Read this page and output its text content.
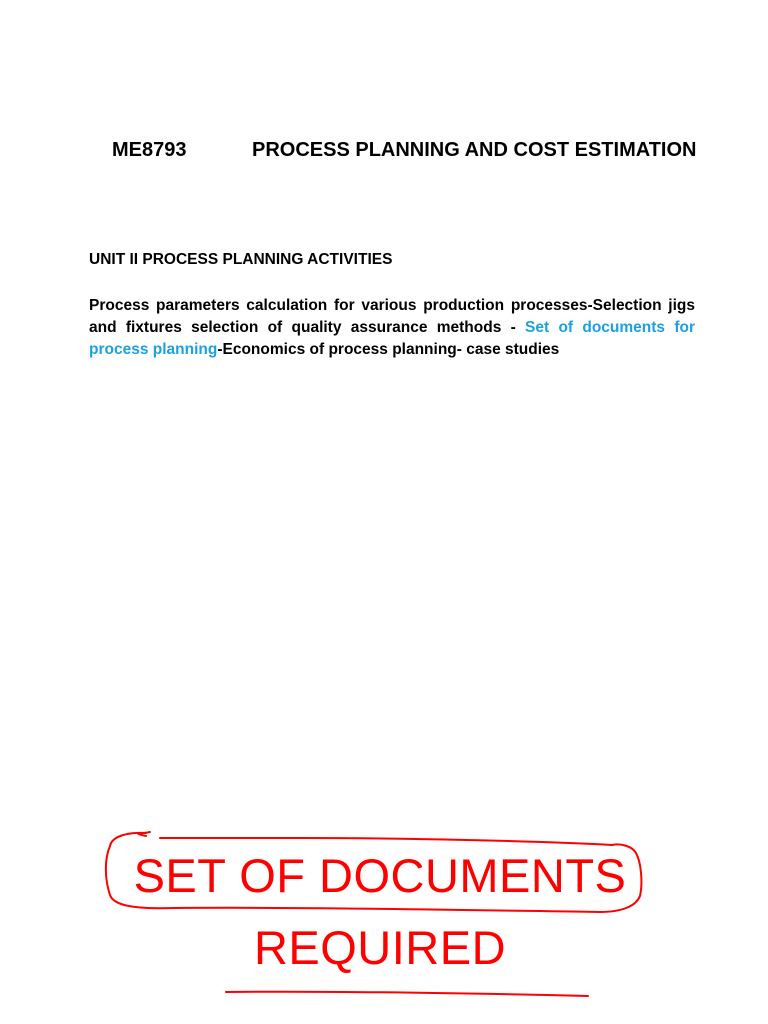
ME8793	PROCESS PLANNING AND COST ESTIMATION
UNIT II PROCESS PLANNING ACTIVITIES

Process parameters calculation for various production processes-Selection jigs and fixtures selection of quality assurance methods - Set of documents for process planning-Economics of process planning- case studies

SET OF DOCUMENTS
REQUIRED
